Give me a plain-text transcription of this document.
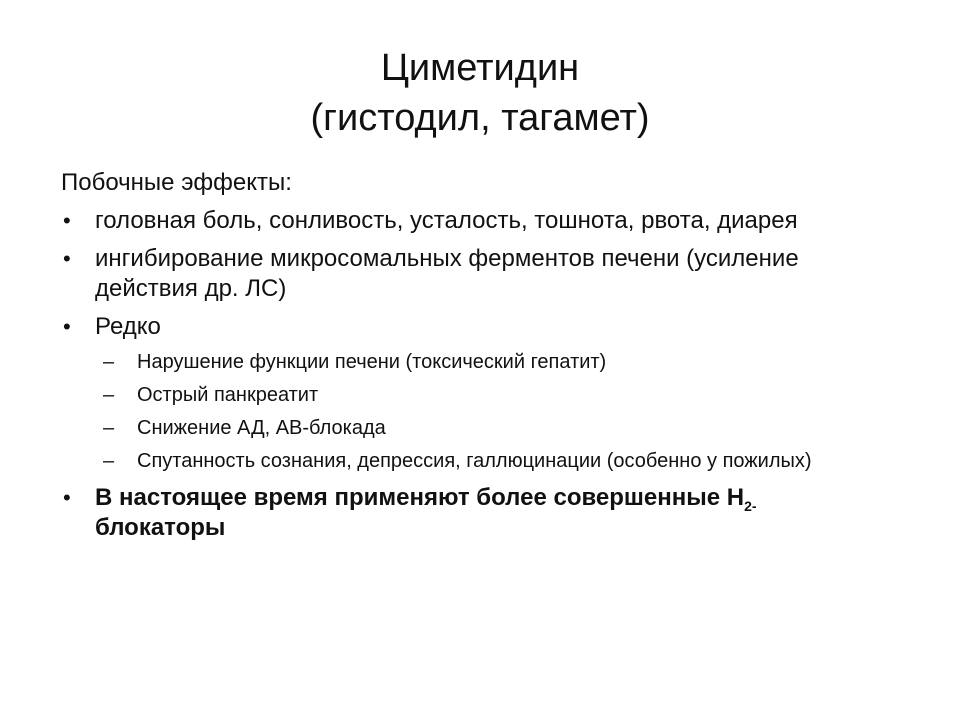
Циметидин
(гистодил, тагамет)
Побочные эффекты:
• головная боль, сонливость, усталость, тошнота, рвота, диарея
• ингибирование микросомальных ферментов печени (усиление действия др. ЛС)
• Редко
– Нарушение функции печени (токсический гепатит)
– Острый панкреатит
– Снижение АД, АВ-блокада
– Спутанность сознания, депрессия, галлюцинации (особенно у пожилых)
• В настоящее время применяют более совершенные $Н_{2-}$ блокаторы
